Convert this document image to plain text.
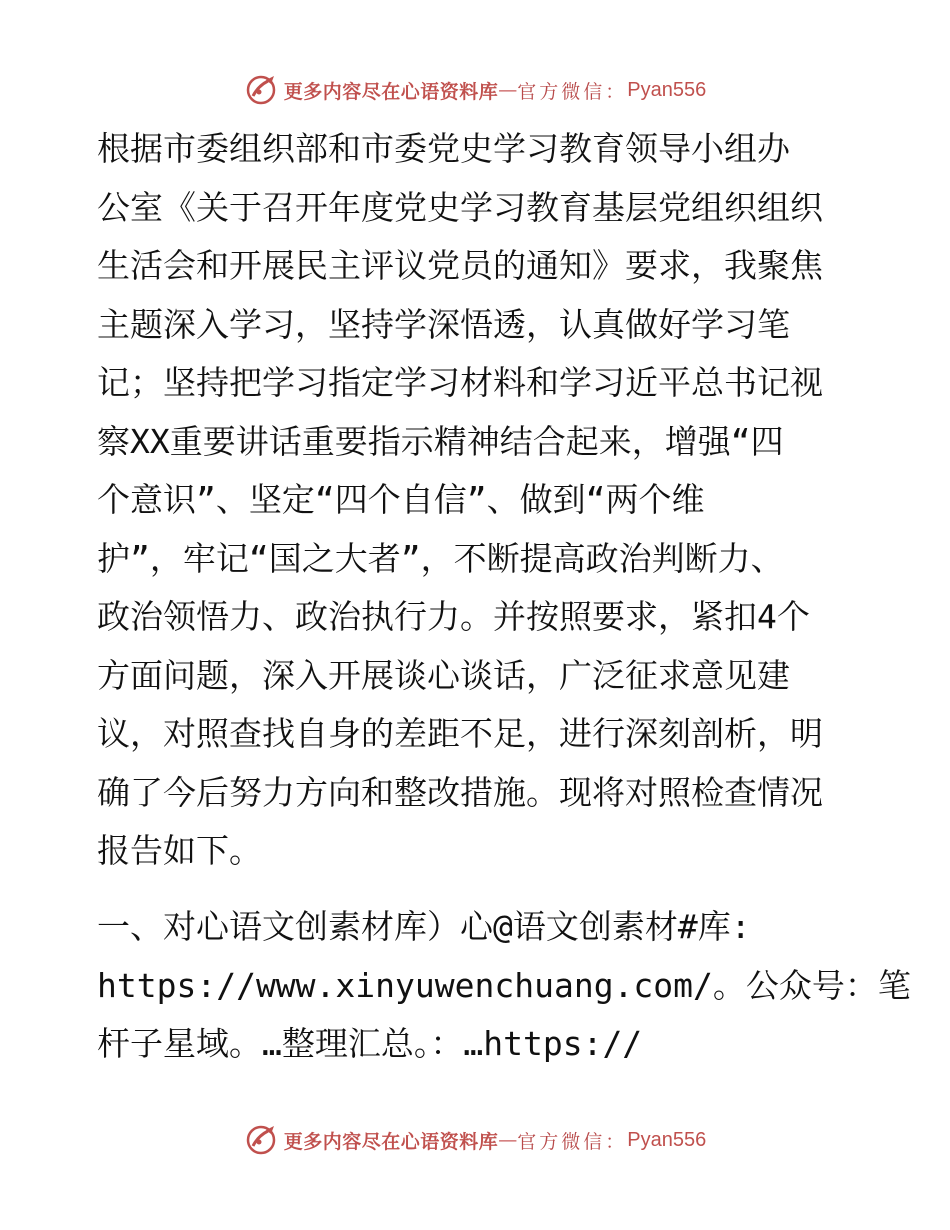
更多内容尽在心语资料库 — 官方微信： Pyan556
根据市委组织部和市委党史学习教育领导小组办
公室《关于召开年度党史学习教育基层党组织组织
生活会和开展民主评议党员的通知》要求，我聚焦
主题深入学习，坚持学深悟透，认真做好学习笔
记；坚持把学习指定学习材料和学习近平总书记视
察XX重要讲话重要指示精神结合起来，增强“四
个意识”、坚定“四个自信”、做到“两个维
护”，牢记“国之大者”，不断提高政治判断力、
政治领悟力、政治执行力。并按照要求，紧扣4个
方面问题，深入开展谈心谈话，广泛征求意见建
议，对照查找自身的差距不足，进行深刻剖析，明
确了今后努力方向和整改措施。现将对照检查情况
报告如下。
一、对心语文创素材库）心@语文创素材#库:
https://www.xinyuwenchuang.com/。公众号：笔
杆子星域。…整理汇总。：…https://
更多内容尽在心语资料库 — 官方微信： Pyan556
